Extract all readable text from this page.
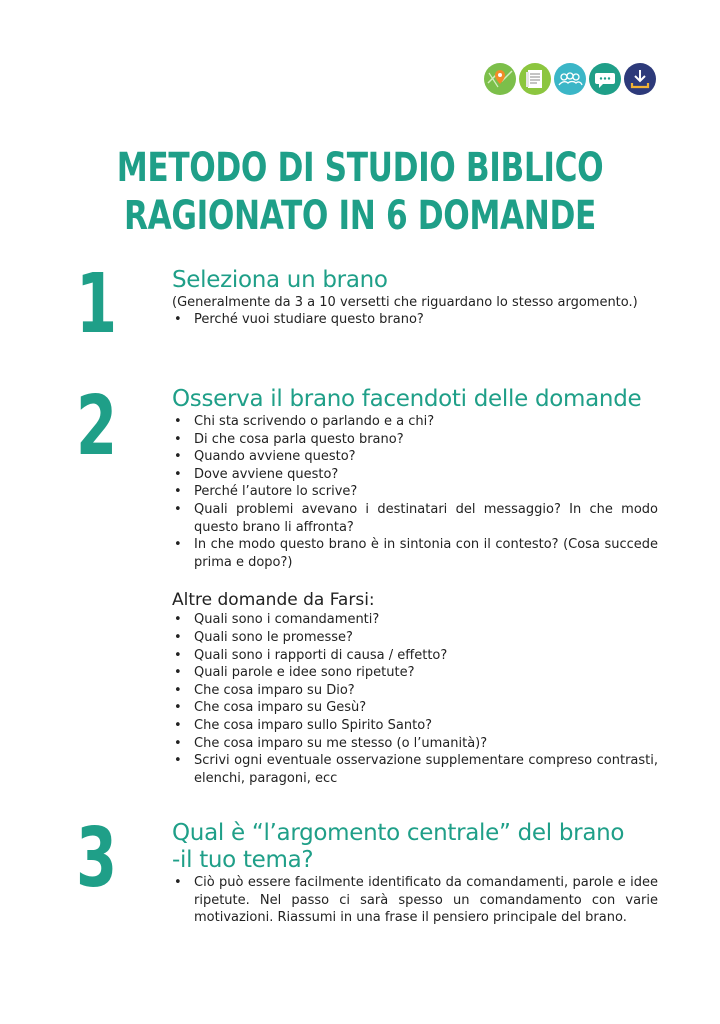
METODO DI STUDIO BIBLICO
RAGIONATO IN 6 DOMANDE
1 Seleziona un brano

(Generalmente da 3 a 10 versetti che riguardano lo stesso argomento.)

• Perché vuoi studiare questo brano?
2 Osserva il brano facendoti delle domande
• Chi sta scrivendo o parlando e a chi?
• Di che cosa parla questo brano?
• Quando avviene questo?
• Dove avviene questo?
• Perché l’autore lo scrive?
• Quali problemi avevano i destinatari del messaggio? In che modo questo brano li affronta?
• In che modo questo brano è in sintonia con il contesto? (Cosa succede prima e dopo?)

Altre domande da Farsi:

• Quali sono i comandamenti?
• Quali sono le promesse?
• Quali sono i rapporti di causa / effetto?
• Quali parole e idee sono ripetute?
• Che cosa imparo su Dio?
• Che cosa imparo su Gesù?
• Che cosa imparo sullo Spirito Santo?
• Che cosa imparo su me stesso (o l’umanità)?
• Scrivi ogni eventuale osservazione supplementare compreso contrasti, elenchi, paragoni, ecc
3 Qual è “l’argomento centrale” del brano
-il tuo tema?
• Ciò può essere facilmente identificato da comandamenti, parole e idee ripetute. Nel passo ci sarà spesso un comandamento con varie motivazioni. Riassumi in una frase il pensiero principale del brano.
